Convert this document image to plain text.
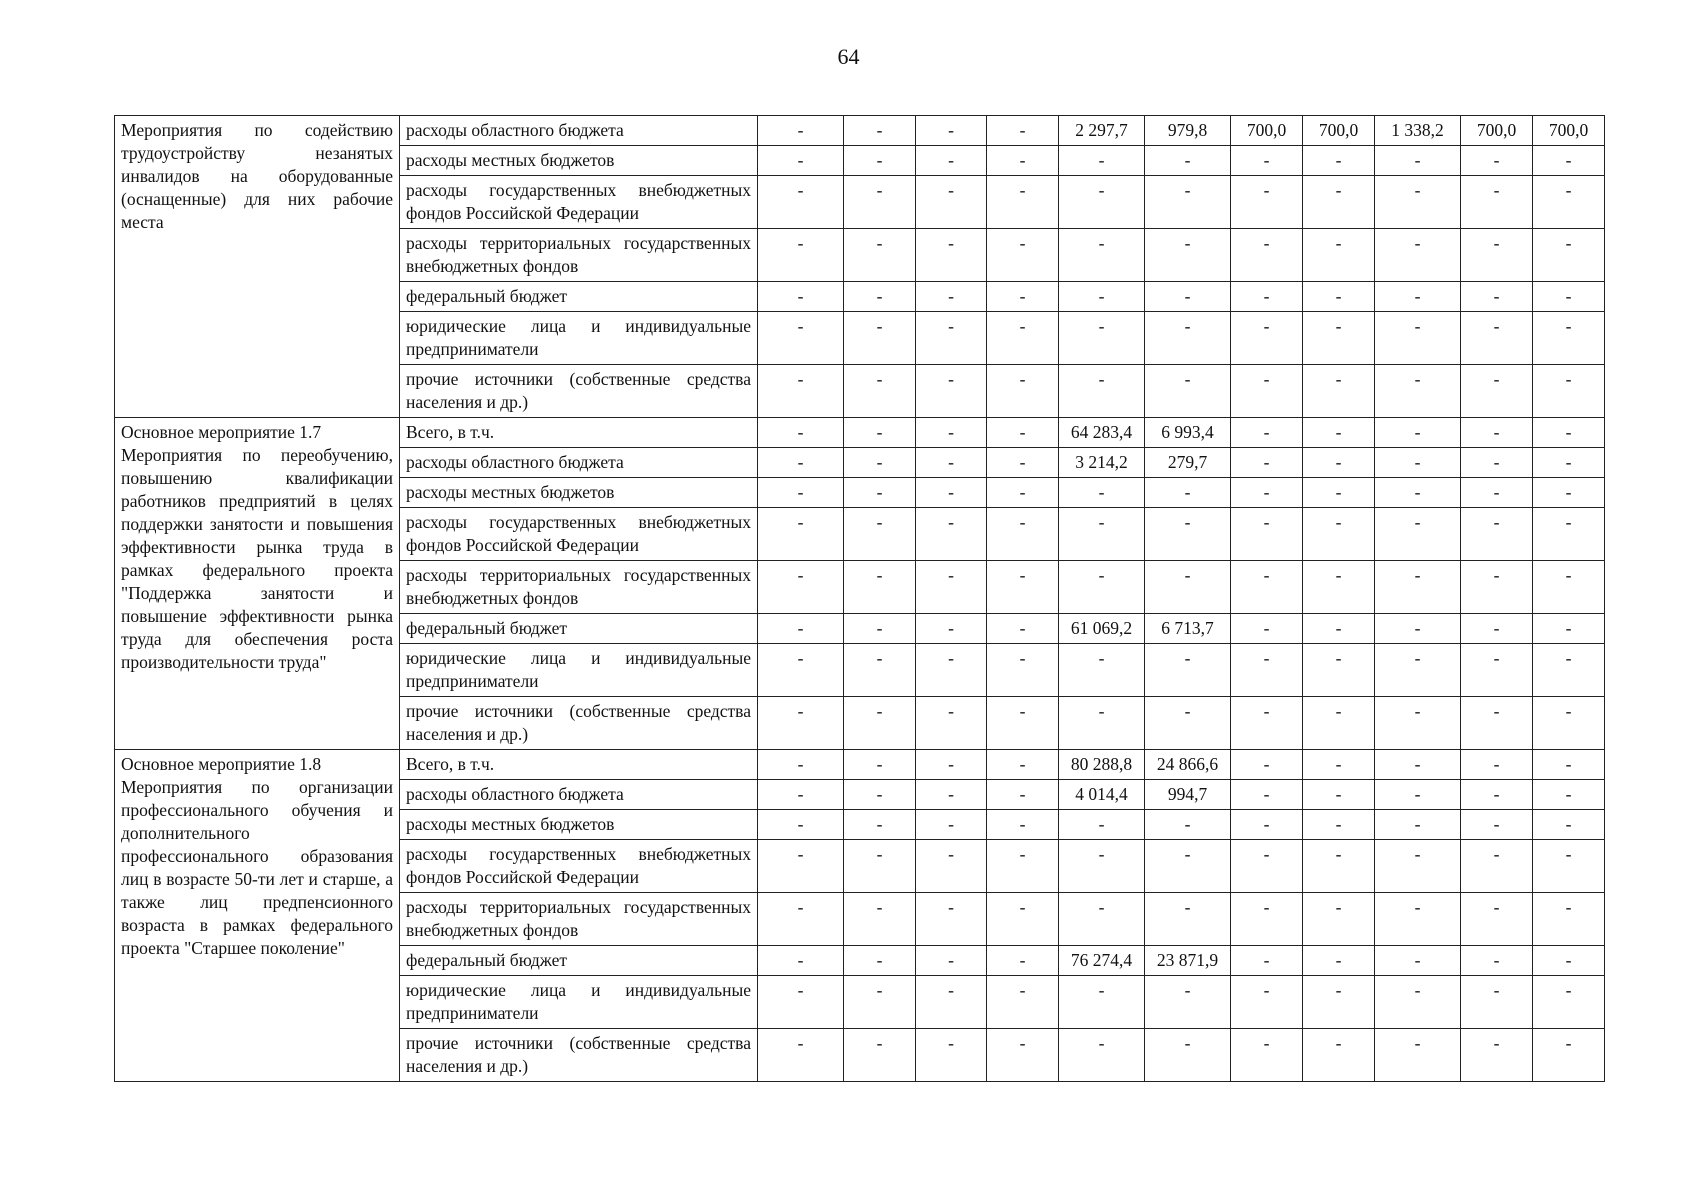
64
Мероприятия по содействию трудоустройству незанятых инвалидов на оборудованные (оснащенные) для них рабочие места	расходы областного бюджета	-	-	-	-	2 297,7	979,8	700,0	700,0	1 338,2	700,0	700,0
	расходы местных бюджетов	-	-	-	-	-	-	-	-	-	-	-
	расходы государственных внебюджетных фондов Российской Федерации	-	-	-	-	-	-	-	-	-	-	-
	расходы территориальных государственных внебюджетных фондов	-	-	-	-	-	-	-	-	-	-	-
	федеральный бюджет	-	-	-	-	-	-	-	-	-	-	-
	юридические лица и индивидуальные предприниматели	-	-	-	-	-	-	-	-	-	-	-
	прочие источники (собственные средства населения и др.)	-	-	-	-	-	-	-	-	-	-	-

Основное мероприятие 1.7
Мероприятия по переобучению, повышению квалификации работников предприятий в целях поддержки занятости и повышения эффективности рынка труда в рамках федерального проекта "Поддержка занятости и повышение эффективности рынка труда для обеспечения роста производительности труда"	Всего, в т.ч.	-	-	-	-	64 283,4	6 993,4	-	-	-	-	-
	расходы областного бюджета	-	-	-	-	3 214,2	279,7	-	-	-	-	-
	расходы местных бюджетов	-	-	-	-	-	-	-	-	-	-	-
	расходы государственных внебюджетных фондов Российской Федерации	-	-	-	-	-	-	-	-	-	-	-
	расходы территориальных государственных внебюджетных фондов	-	-	-	-	-	-	-	-	-	-	-
	федеральный бюджет	-	-	-	-	61 069,2	6 713,7	-	-	-	-	-
	юридические лица и индивидуальные предприниматели	-	-	-	-	-	-	-	-	-	-	-
	прочие источники (собственные средства населения и др.)	-	-	-	-	-	-	-	-	-	-	-

Основное мероприятие 1.8
Мероприятия по организации профессионального обучения и дополнительного профессионального образования лиц в возрасте 50-ти лет и старше, а также лиц предпенсионного возраста в рамках федерального проекта "Старшее поколение"	Всего, в т.ч.	-	-	-	-	80 288,8	24 866,6	-	-	-	-	-
	расходы областного бюджета	-	-	-	-	4 014,4	994,7	-	-	-	-	-
	расходы местных бюджетов	-	-	-	-	-	-	-	-	-	-	-
	расходы государственных внебюджетных фондов Российской Федерации	-	-	-	-	-	-	-	-	-	-	-
	расходы территориальных государственных внебюджетных фондов	-	-	-	-	-	-	-	-	-	-	-
	федеральный бюджет	-	-	-	-	76 274,4	23 871,9	-	-	-	-	-
	юридические лица и индивидуальные предприниматели	-	-	-	-	-	-	-	-	-	-	-
	прочие источники (собственные средства населения и др.)	-	-	-	-	-	-	-	-	-	-	-
